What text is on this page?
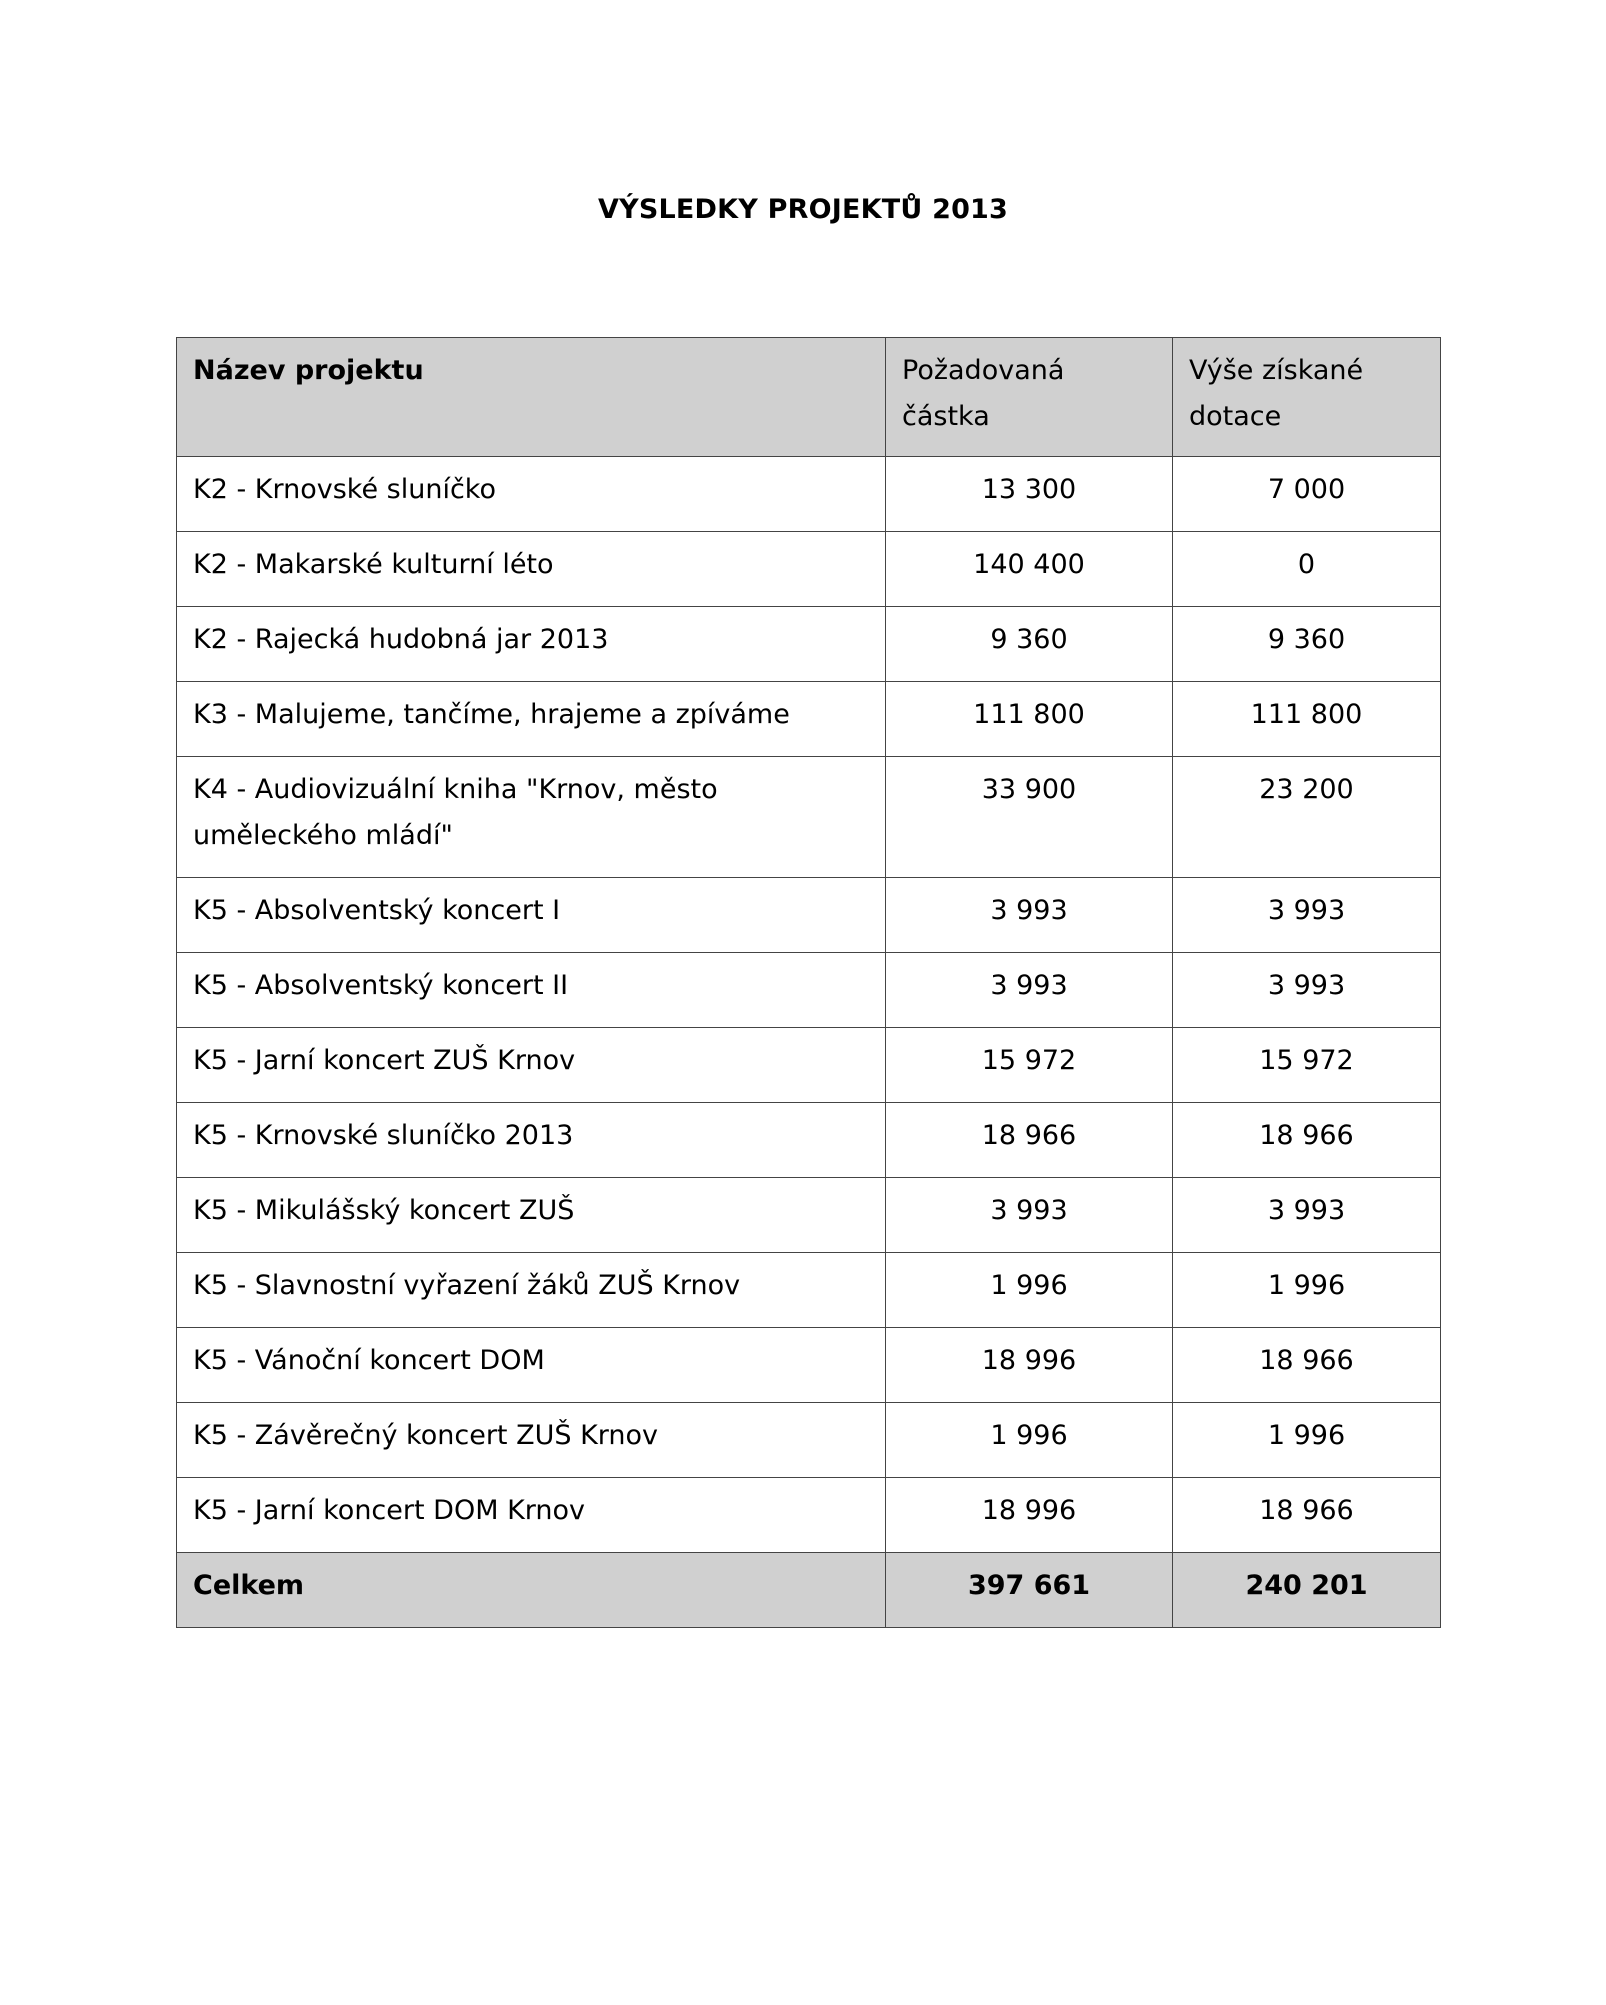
VÝSLEDKY PROJEKTŮ 2013
Název projektu	Požadovaná částka	Výše získané dotace
K2 - Krnovské sluníčko	13 300	7 000
K2 - Makarské kulturní léto	140 400	0
K2 - Rajecká hudobná jar 2013	9 360	9 360
K3 - Malujeme, tančíme, hrajeme a zpíváme	111 800	111 800
K4 - Audiovizuální kniha "Krnov, město uměleckého mládí"	33 900	23 200
K5 - Absolventský koncert I	3 993	3 993
K5 - Absolventský koncert II	3 993	3 993
K5 - Jarní koncert ZUŠ Krnov	15 972	15 972
K5 - Krnovské sluníčko 2013	18 966	18 966
K5 - Mikulášský koncert ZUŠ	3 993	3 993
K5 - Slavnostní vyřazení žáků ZUŠ Krnov	1 996	1 996
K5 - Vánoční koncert DOM	18 996	18 966
K5 - Závěrečný koncert ZUŠ Krnov	1 996	1 996
K5 - Jarní koncert DOM Krnov	18 996	18 966
Celkem	397 661	240 201
